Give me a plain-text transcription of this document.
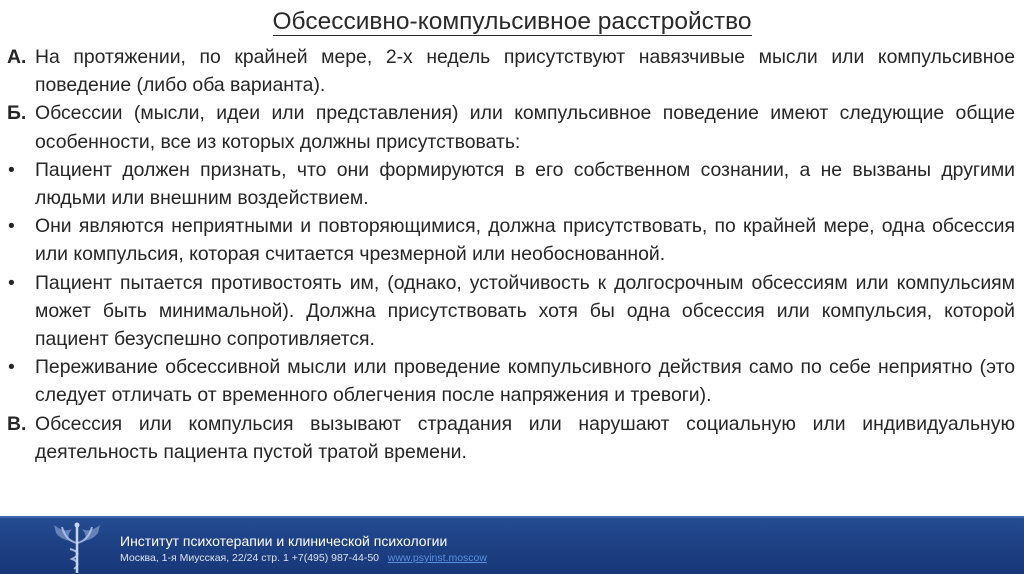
Обсессивно-компульсивное расстройство
А. На протяжении, по крайней мере, 2-х недель присутствуют навязчивые мысли или компульсивное поведение (либо оба варианта).
Б. Обсессии (мысли, идеи или представления) или компульсивное поведение имеют следующие общие особенности, все из которых должны присутствовать:
• Пациент должен признать, что они формируются в его собственном сознании, а не вызваны другими людьми или внешним воздействием.
• Они являются неприятными и повторяющимися, должна присутствовать, по крайней мере, одна обсессия или компульсия, которая считается чрезмерной или необоснованной.
• Пациент пытается противостоять им, (однако, устойчивость к долгосрочным обсессиям или компульсиям может быть минимальной). Должна присутствовать хотя бы одна обсессия или компульсия, которой пациент безуспешно сопротивляется.
• Переживание обсессивной мысли или проведение компульсивного действия само по себе неприятно (это следует отличать от временного облегчения после напряжения и тревоги).
В. Обсессия или компульсия вызывают страдания или нарушают социальную или индивидуальную деятельность пациента пустой тратой времени.
Институт психотерапии и клинической психологии
Москва, 1-я Миусская, 22/24 стр. 1 +7(495) 987-44-50 www.psyinst.moscow
